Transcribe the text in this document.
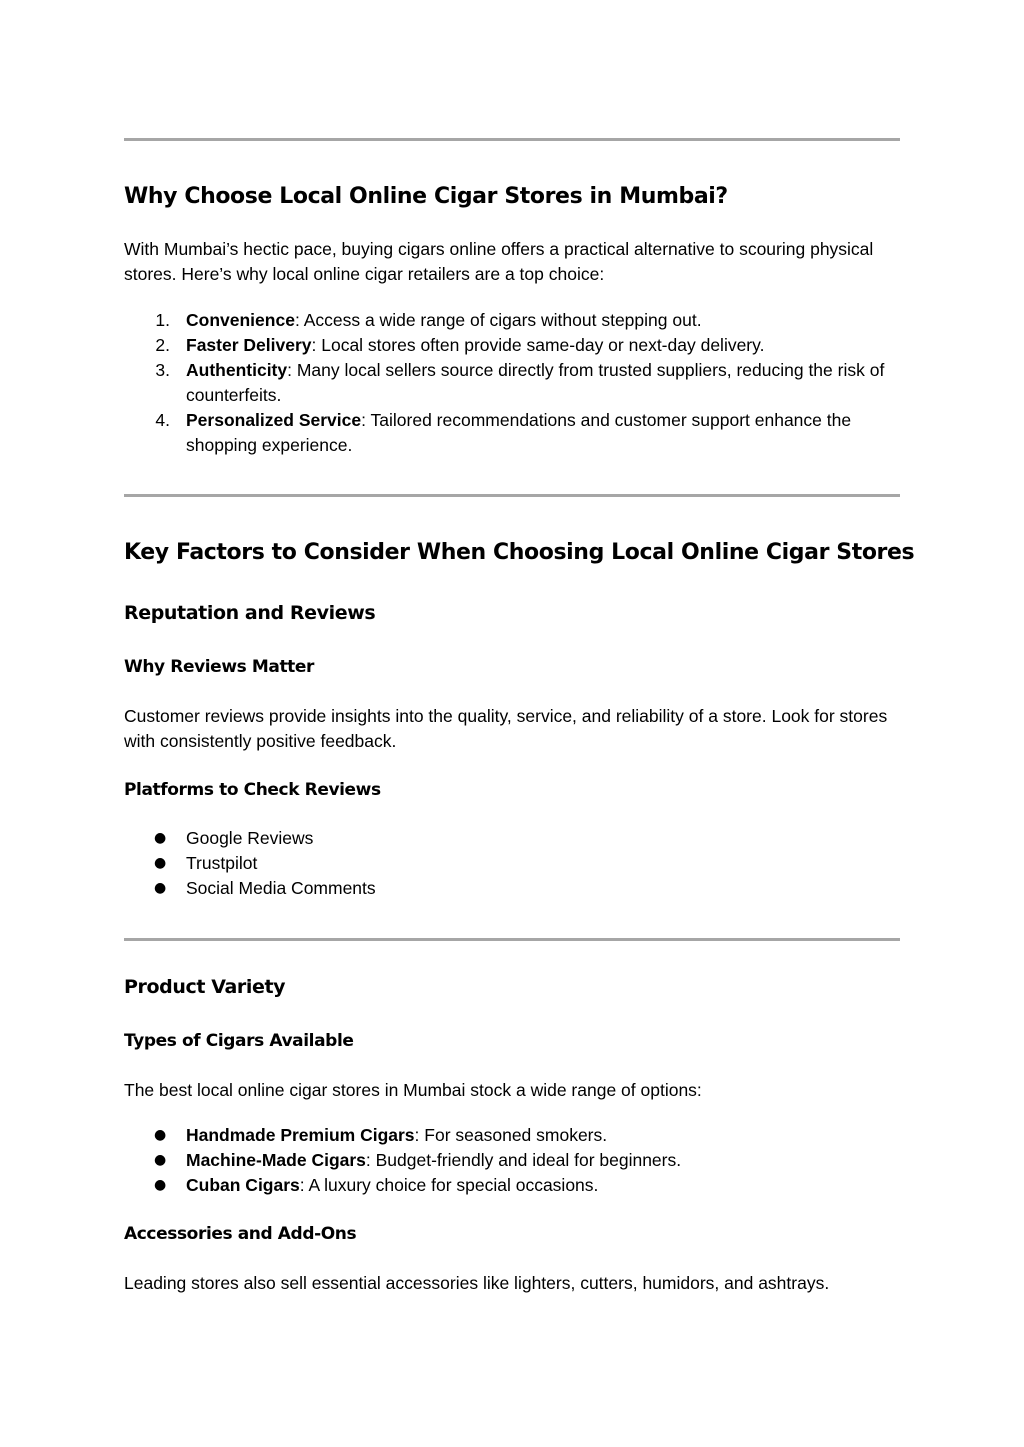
Why Choose Local Online Cigar Stores in Mumbai?

With Mumbai’s hectic pace, buying cigars online offers a practical alternative to scouring physical stores. Here’s why local online cigar retailers are a top choice:

1. Convenience: Access a wide range of cigars without stepping out.
2. Faster Delivery: Local stores often provide same-day or next-day delivery.
3. Authenticity: Many local sellers source directly from trusted suppliers, reducing the risk of counterfeits.
4. Personalized Service: Tailored recommendations and customer support enhance the shopping experience.
Key Factors to Consider When Choosing Local Online Cigar Stores
Reputation and Reviews
Why Reviews Matter

Customer reviews provide insights into the quality, service, and reliability of a store. Look for stores with consistently positive feedback.

Platforms to Check Reviews
● Google Reviews
● Trustpilot
● Social Media Comments
Product Variety
Types of Cigars Available

The best local online cigar stores in Mumbai stock a wide range of options:

● Handmade Premium Cigars: For seasoned smokers.
● Machine-Made Cigars: Budget-friendly and ideal for beginners.
● Cuban Cigars: A luxury choice for special occasions.
Accessories and Add-Ons

Leading stores also sell essential accessories like lighters, cutters, humidors, and ashtrays.
